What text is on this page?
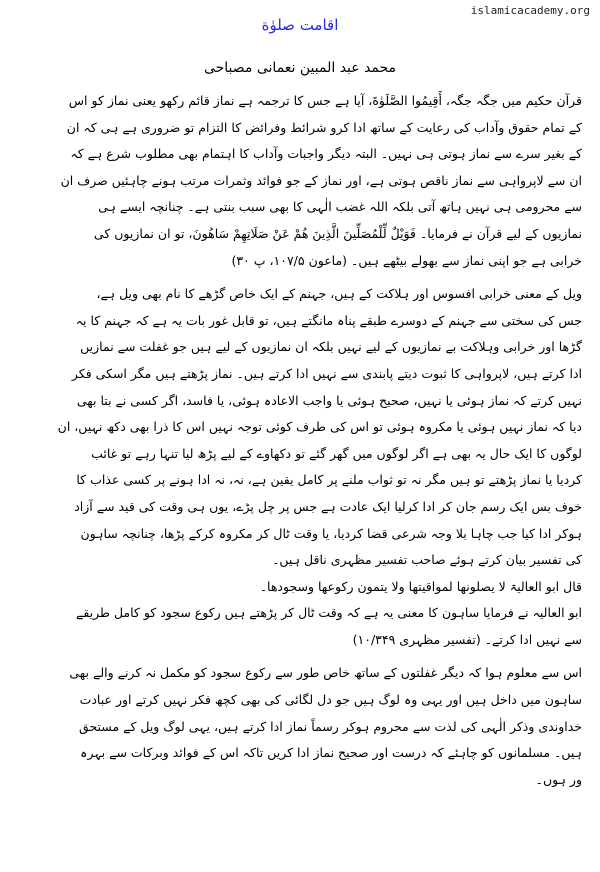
islamicacademy.org
اقامت صلوٰة
محمد عبد المبین نعمانی مصباحی
قرآن حکیم میں جگہ جگہ، أَقِيمُوا الصَّلَوٰةَ، آیا ہے جس کا ترجمہ ہے نماز قائم رکھو یعنی نماز کو اس
کے تمام حقوق وآداب کی رعایت کے ساتھ ادا کرو شرائط وفرائض کا التزام تو ضروری ہے ہی کہ ان
کے بغیر سرے سے نماز ہوتی ہی نہیں۔ البتہ دیگر واجبات وآداب کا اہتمام بھی مطلوب شرع ہے کہ
ان سے لاپرواہی سے نماز ناقص ہوتی ہے، اور نماز کے جو فوائد وثمرات مرتب ہونے چاہئیں صرف ان
سے محرومی ہی نہیں ہاتھ آتی بلکہ اللہ غضب الٰہی کا بھی سبب بنتی ہے۔ چنانچہ ایسے ہی
نمازیوں کے لیے قرآن نے فرمایا۔ فَوَيْلٌ لِّلْمُصَلِّينَ الَّذِينَ هُمْ عَنْ صَلَاتِهِمْ سَاهُونَ، تو ان نمازیوں کی
خرابی ہے جو اپنی نماز سے بھولے بیٹھے ہیں۔ (ماعون ۱۰۷/۵، پ ۳۰)
ویل کے معنی خرابی افسوس اور ہلاکت کے ہیں، جہنم کے ایک خاص گڑھے کا نام بھی ویل ہے،
جس کی سختی سے جہنم کے دوسرے طبقے پناہ مانگتے ہیں، تو قابل غور بات یہ ہے کہ جہنم کا یہ
گڑھا اور خرابی وہلاکت بے نمازیوں کے لیے نہیں بلکہ ان نمازیوں کے لیے ہیں جو غفلت سے نمازیں
ادا کرتے ہیں، لاپرواہی کا ثبوت دیتے پابندی سے نہیں ادا کرتے ہیں۔ نماز پڑھتے ہیں مگر اسکی فکر
نہیں کرتے کہ نماز ہوئی یا نہیں، صحیح ہوئی یا واجب الاعادہ ہوئی، یا فاسد، اگر کسی نے بتا بھی
دیا کہ نماز نہیں ہوئی یا مکروہ ہوئی تو اس کی طرف کوئی توجہ نہیں اس کا ذرا بھی دکھ نہیں، ان
لوگوں کا ایک حال یہ بھی ہے اگر لوگوں میں گھر گئے تو دکھاوے کے لیے پڑھ لیا تنہا رہے تو غائب
کردیا یا نماز پڑھتے تو ہیں مگر نہ تو ثواب ملنے پر کامل یقین ہے، نہ، نہ ادا ہونے پر کسی عذاب کا
خوف بس ایک رسم جان کر ادا کرلیا ایک عادت ہے جس پر چل پڑے، یوں ہی وقت کی قید سے آزاد
ہوکر ادا کیا جب چاہا بلا وجہ شرعی قضا کردیا، یا وقت ٹال کر مکروہ کرکے پڑھا، چنانچہ ساہون
کی تفسیر بیان کرتے ہوئے صاحب تفسیر مظہری ناقل ہیں۔
قال ابو العالیۃ لا یصلونھا لمواقیتھا ولا یتمون رکوعھا وسجودھا۔
ابو العالیہ نے فرمایا ساہون کا معنی یہ ہے کہ وقت ٹال کر پڑھتے ہیں رکوع سجود کو کامل طریقے
سے نہیں ادا کرتے۔ (تفسیر مظہری ۱۰/۳۴۹)
اس سے معلوم ہوا کہ دیگر غفلتوں کے ساتھ خاص طور سے رکوع سجود کو مکمل نہ کرنے والے بھی
ساہون میں داخل ہیں اور یہی وہ لوگ ہیں جو دل لگائی کی بھی کچھ فکر نہیں کرتے اور عبادت
خداوندی وذکر الٰہی کی لذت سے محروم ہوکر رسماً نماز ادا کرتے ہیں، یہی لوگ ویل کے مستحق
ہیں۔ مسلمانوں کو چاہئے کہ درست اور صحیح نماز ادا کریں تاکہ اس کے فوائد وبرکات سے بہرہ
ور ہوں۔
